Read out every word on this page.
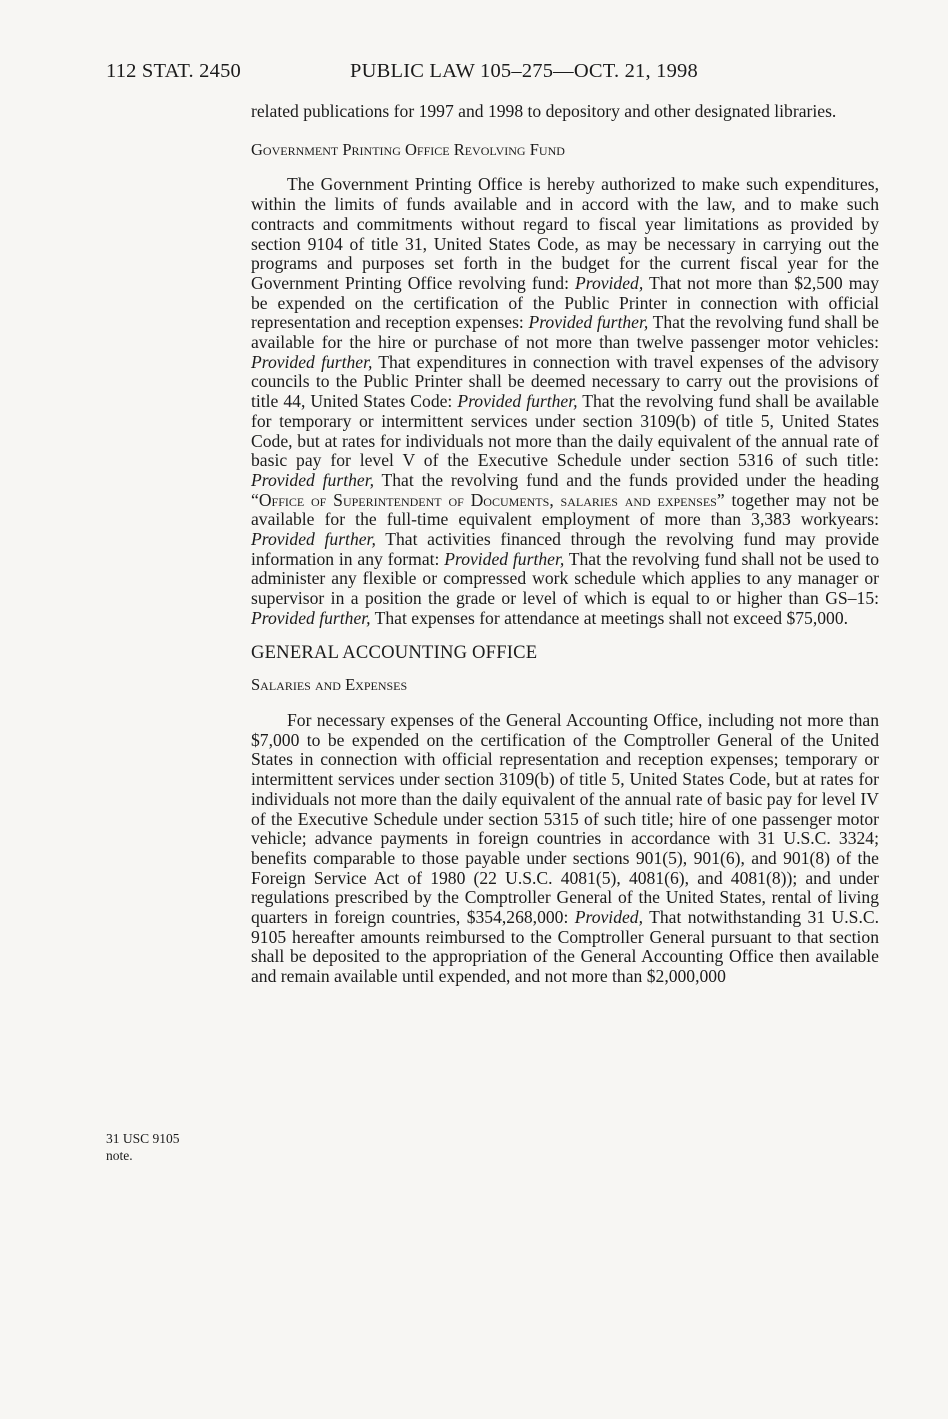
112 STAT. 2450	PUBLIC LAW 105–275—OCT. 21, 1998

related publications for 1997 and 1998 to depository and other designated libraries.

Government Printing Office Revolving Fund

The Government Printing Office is hereby authorized to make such expenditures, within the limits of funds available and in accord with the law, and to make such contracts and commitments without regard to fiscal year limitations as provided by section 9104 of title 31, United States Code, as may be necessary in carrying out the programs and purposes set forth in the budget for the current fiscal year for the Government Printing Office revolving fund: Provided, That not more than $2,500 may be expended on the certification of the Public Printer in connection with official representation and reception expenses: Provided further, That the revolving fund shall be available for the hire or purchase of not more than twelve passenger motor vehicles: Provided further, That expenditures in connection with travel expenses of the advisory councils to the Public Printer shall be deemed necessary to carry out the provisions of title 44, United States Code: Provided further, That the revolving fund shall be available for temporary or intermittent services under section 3109(b) of title 5, United States Code, but at rates for individuals not more than the daily equivalent of the annual rate of basic pay for level V of the Executive Schedule under section 5316 of such title: Provided further, That the revolving fund and the funds provided under the heading “Office of Superintendent of Documents, salaries and expenses” together may not be available for the full-time equivalent employment of more than 3,383 workyears: Provided further, That activities financed through the revolving fund may provide information in any format: Provided further, That the revolving fund shall not be used to administer any flexible or compressed work schedule which applies to any manager or supervisor in a position the grade or level of which is equal to or higher than GS–15: Provided further, That expenses for attendance at meetings shall not exceed $75,000.

GENERAL ACCOUNTING OFFICE

Salaries and Expenses

For necessary expenses of the General Accounting Office, including not more than $7,000 to be expended on the certification of the Comptroller General of the United States in connection with official representation and reception expenses; temporary or intermittent services under section 3109(b) of title 5, United States Code, but at rates for individuals not more than the daily equivalent of the annual rate of basic pay for level IV of the Executive Schedule under section 5315 of such title; hire of one passenger motor vehicle; advance payments in foreign countries in accordance with 31 U.S.C. 3324; benefits comparable to those payable under sections 901(5), 901(6), and 901(8) of the Foreign Service Act of 1980 (22 U.S.C. 4081(5), 4081(6), and 4081(8)); and under regulations prescribed by the Comptroller General of the United States, rental of living quarters in foreign countries, $354,268,000: Provided, That notwithstanding 31 U.S.C. 9105 hereafter amounts reimbursed to the Comptroller General pursuant to that section shall be deposited to the appropriation of the General Accounting Office then available and remain available until expended, and not more than $2,000,000

31 USC 9105
note.
